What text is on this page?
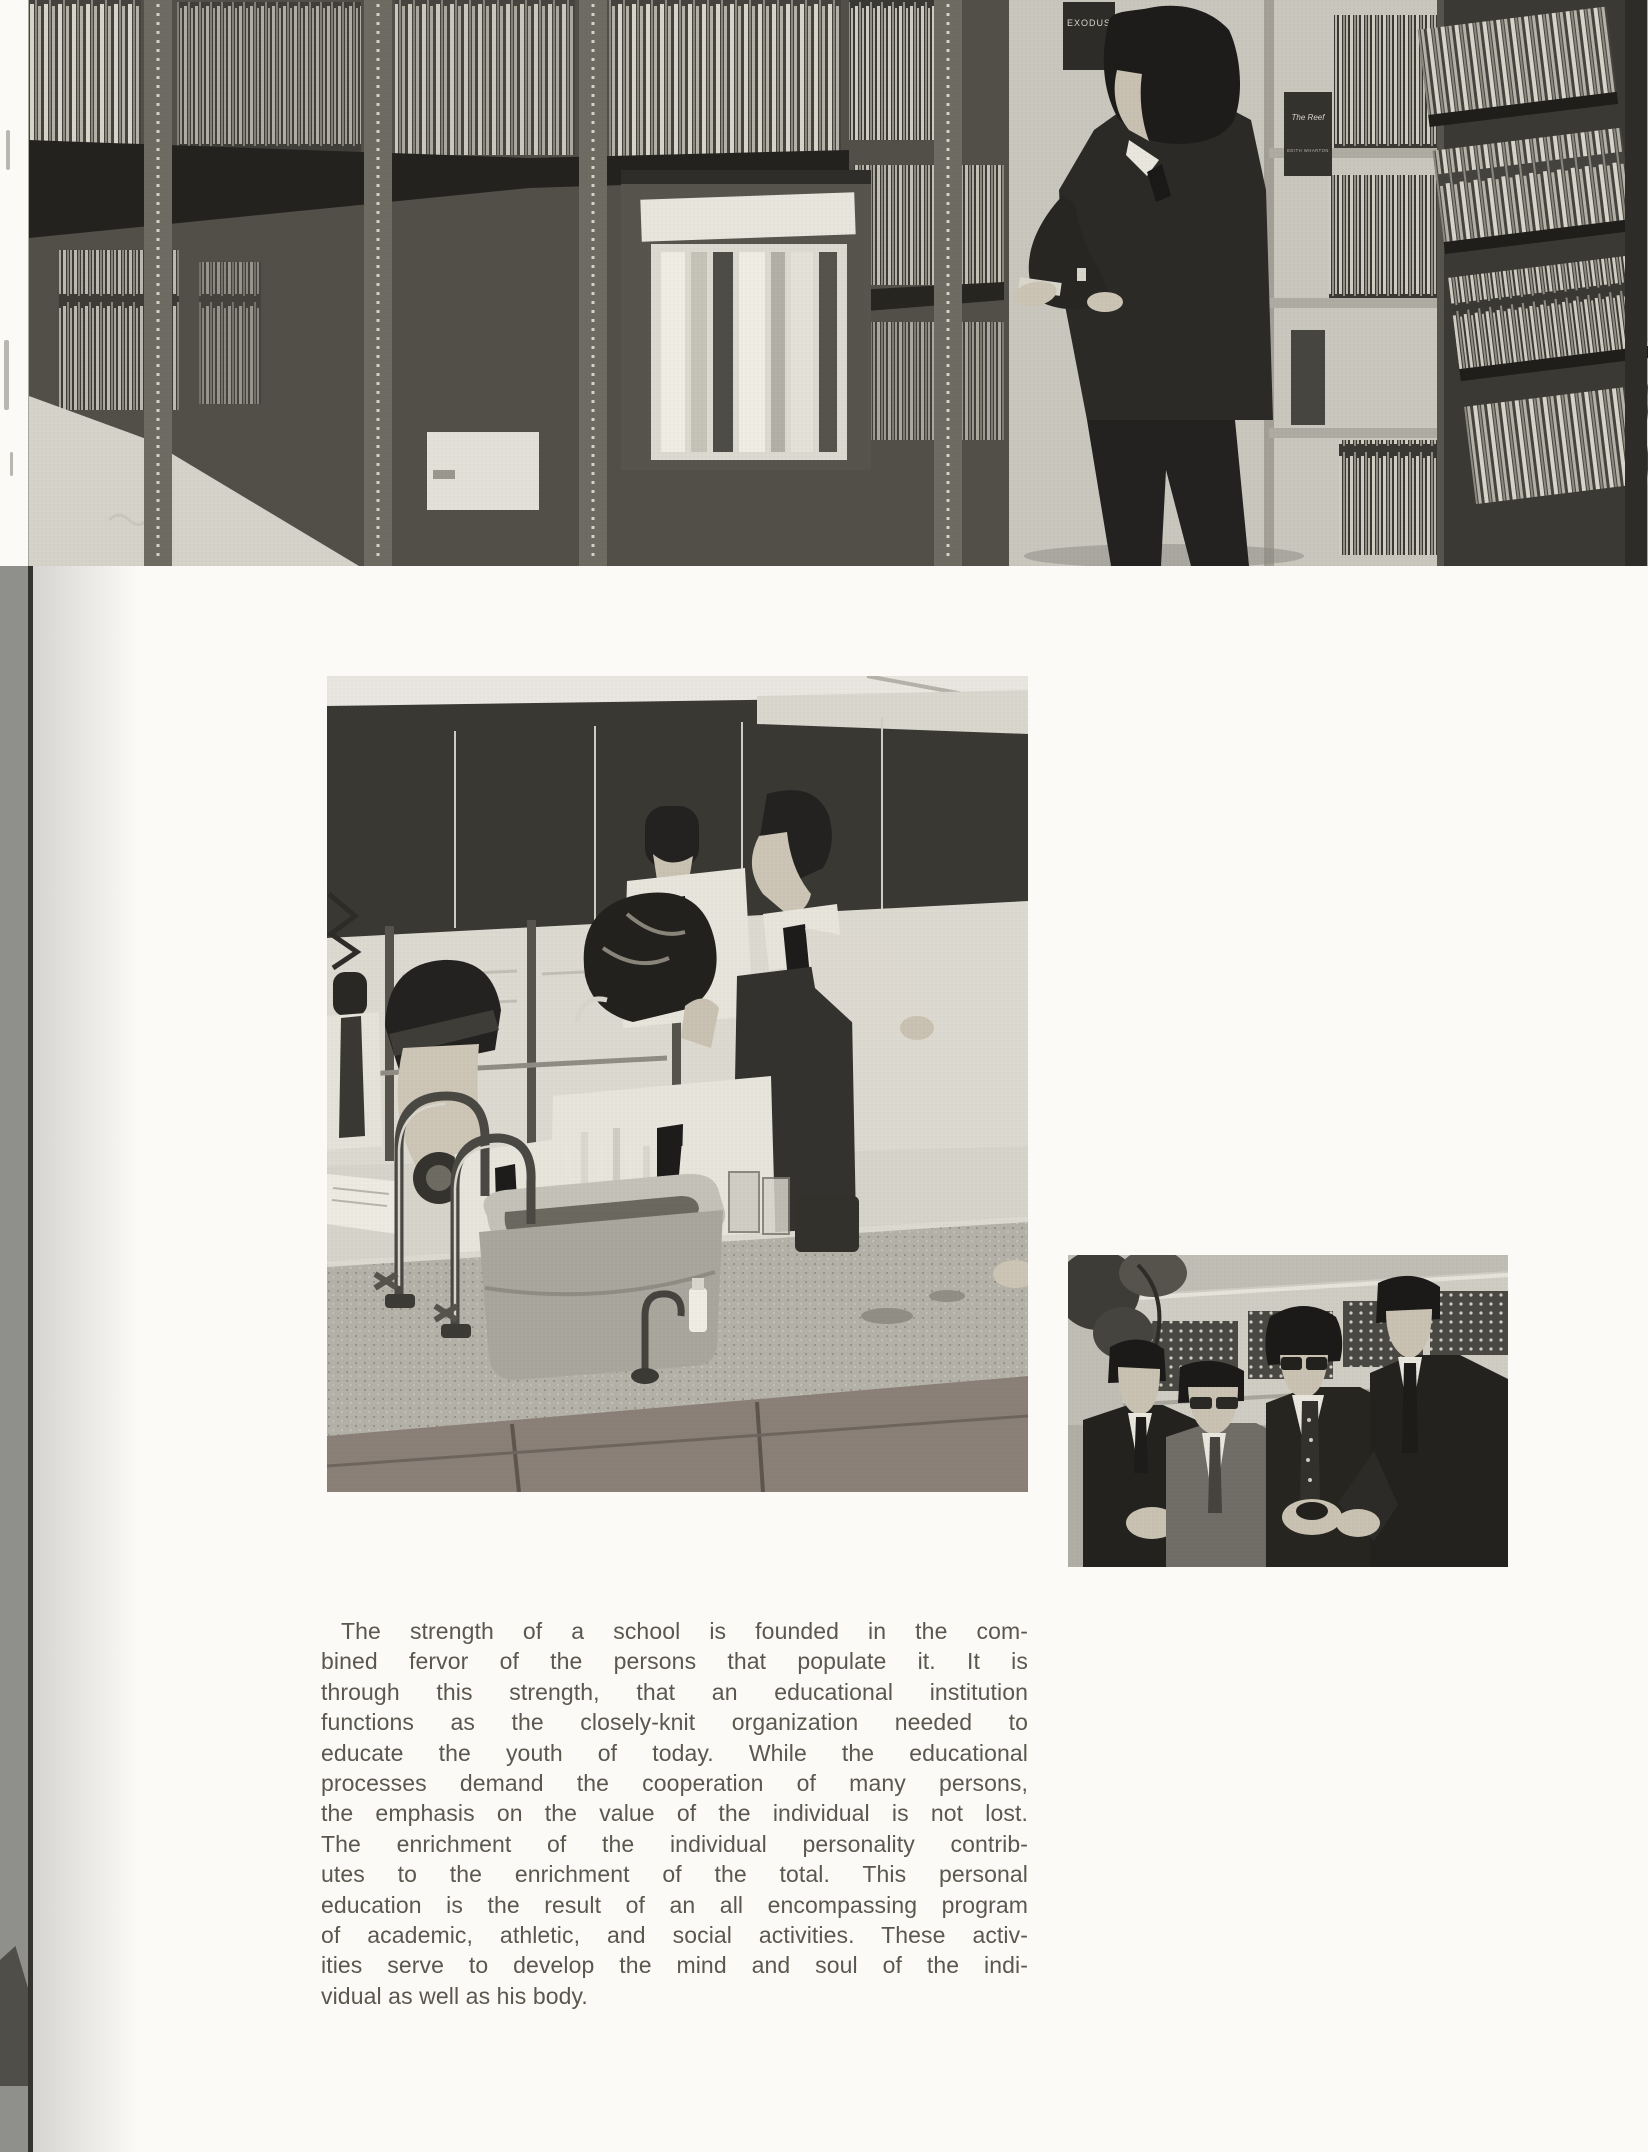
The strength of a school is founded in the com-
bined fervor of the persons that populate it. It is
through this strength, that an educational institution
functions as the closely-knit organization needed to
educate the youth of today. While the educational
processes demand the cooperation of many persons,
the emphasis on the value of the individual is not lost.
The enrichment of the individual personality contrib-
utes to the enrichment of the total. This personal
education is the result of an all encompassing program
of academic, athletic, and social activities. These activ-
ities serve to develop the mind and soul of the indi-
vidual as well as his body.
